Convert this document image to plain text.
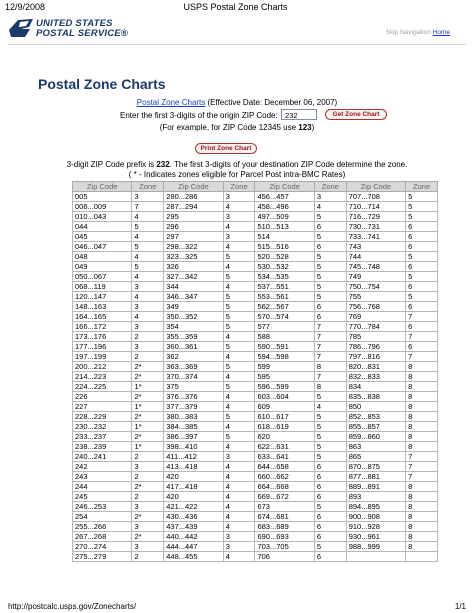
12/9/2008	USPS Postal Zone Charts
UNITED STATES
POSTAL SERVICE®	Skip Navigation Home
Postal Zone Charts
Postal Zone Charts (Effective Date: December 06, 2007)
Enter the first 3-digits of the origin ZIP Code: 232	Get Zone Chart
(For example, for ZIP Code 12345 use 123)
Print Zone Chart
3-digit ZIP Code prefix is 232. The first 3-digits of your destination ZIP Code determine the zone.
( * - Indicates zones eligible for Parcel Post intra-BMC Rates)
Zip Code	Zone	Zip Code	Zone	Zip Code	Zone	Zip Code	Zone
005	3	280...286	3	456...457	3	707...708	5
006...009	7	287...294	4	458...496	4	710...714	5
010...043	4	295	3	497...509	5	716...729	5
044	5	296	4	510...513	6	730...731	6
045	4	297	3	514	5	733...741	6
046...047	5	298...322	4	515...516	6	743	6
048	4	323...325	5	520...528	5	744	5
049	5	326	4	530...532	5	745...748	6
050...067	4	327...342	5	534...535	5	749	5
068...119	3	344	4	537...551	5	750...754	6
120...147	4	346...347	5	553...561	5	755	5
148...163	3	349	5	562...567	6	756...768	6
164...165	4	350...352	5	570...574	6	769	7
166...172	3	354	5	577	7	770...784	6
173...176	2	355...359	4	588	7	785	7
177...196	3	360...361	5	590...591	7	786...796	6
197...199	2	362	4	594...598	7	797...816	7
200...212	2*	363...369	5	599	8	820...831	8
214...223	2*	370...374	4	595	7	832...833	8
224...225	1*	375	5	596...599	8	834	8
226	2*	376...376	4	603...604	5	835...838	8
227	1*	377...379	4	609	4	850	8
228...229	2*	380...383	5	610...617	5	852...853	8
230...232	1*	384...385	4	618...619	5	855...857	8
233...237	2*	386...397	5	620	5	859...860	8
238...239	1*	398...410	4	622...631	5	863	8
240...241	2	411...412	3	633...641	5	865	7
242	3	413...418	4	644...658	6	870...875	7
243	2	420	4	660...662	6	877...881	7
244	2*	417...418	4	664...668	6	889...891	8
245	2	420	4	669...672	6	893	8
246...253	3	421...422	4	673	5	894...895	8
254	2*	430...436	4	674...681	6	900...908	8
255...266	3	437...439	4	683...689	6	910...928	8
267...268	2*	440...442	3	690...693	6	930...961	8
270...274	3	444...447	3	703...705	5	988...999	8
275...279	2	448...455	4	706	6		
http://postcalc.usps.gov/Zonecharts/	1/1
